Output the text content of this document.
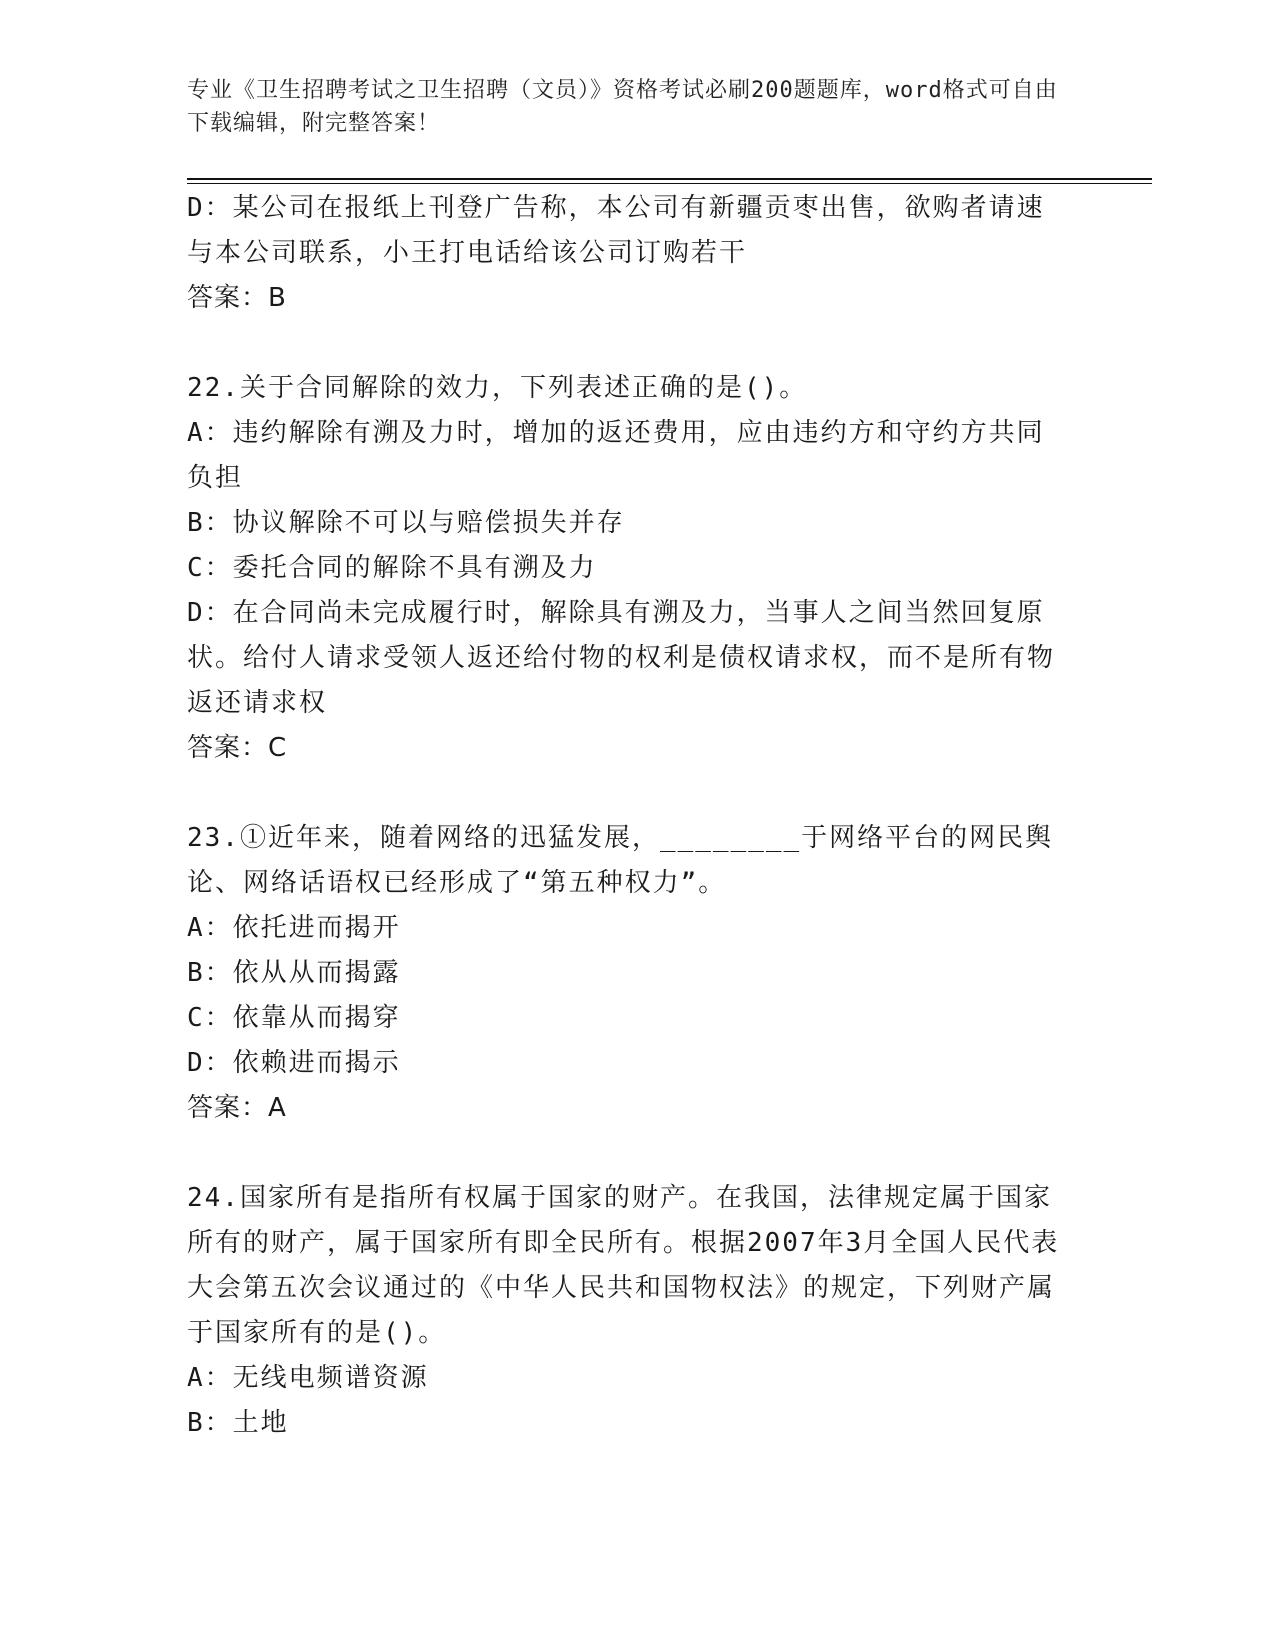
专业《卫生招聘考试之卫生招聘（文员）》资格考试必刷200题题库，word格式可自由下载编辑，附完整答案！
D：某公司在报纸上刊登广告称，本公司有新疆贡枣出售，欲购者请速与本公司联系，小王打电话给该公司订购若干
答案：B
22.关于合同解除的效力，下列表述正确的是()。
A：违约解除有溯及力时，增加的返还费用，应由违约方和守约方共同负担
B：协议解除不可以与赔偿损失并存
C：委托合同的解除不具有溯及力
D：在合同尚未完成履行时，解除具有溯及力，当事人之间当然回复原状。给付人请求受领人返还给付物的权利是债权请求权，而不是所有物返还请求权
答案：C
23.①近年来，随着网络的迅猛发展，________于网络平台的网民舆论、网络话语权已经形成了“第五种权力”。
A：依托进而揭开
B：依从从而揭露
C：依靠从而揭穿
D：依赖进而揭示
答案：A
24.国家所有是指所有权属于国家的财产。在我国，法律规定属于国家所有的财产，属于国家所有即全民所有。根据2007年3月全国人民代表大会第五次会议通过的《中华人民共和国物权法》的规定，下列财产属于国家所有的是()。
A：无线电频谱资源
B：土地
